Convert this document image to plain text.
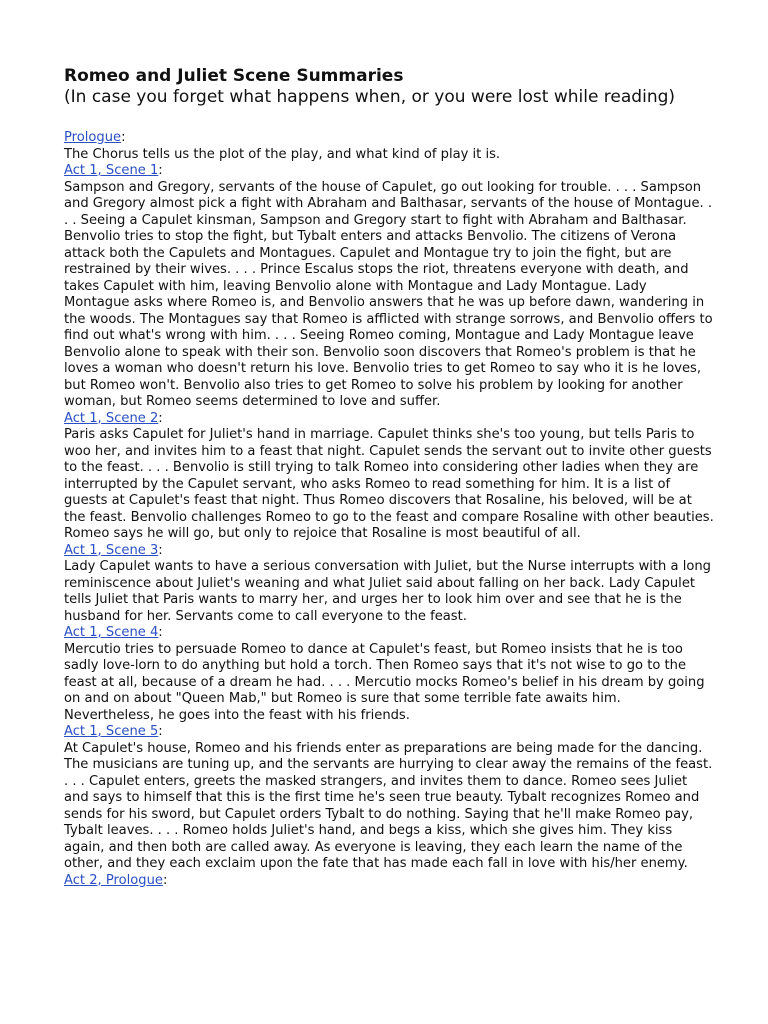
Romeo and Juliet Scene Summaries
(In case you forget what happens when, or you were lost while reading)
Prologue:
The Chorus tells us the plot of the play, and what kind of play it is.
Act 1, Scene 1:
Sampson and Gregory, servants of the house of Capulet, go out looking for trouble. . . . Sampson and Gregory almost pick a fight with Abraham and Balthasar, servants of the house of Montague. . . . Seeing a Capulet kinsman, Sampson and Gregory start to fight with Abraham and Balthasar. Benvolio tries to stop the fight, but Tybalt enters and attacks Benvolio. The citizens of Verona attack both the Capulets and Montagues. Capulet and Montague try to join the fight, but are restrained by their wives. . . . Prince Escalus stops the riot, threatens everyone with death, and takes Capulet with him, leaving Benvolio alone with Montague and Lady Montague. Lady Montague asks where Romeo is, and Benvolio answers that he was up before dawn, wandering in the woods. The Montagues say that Romeo is afflicted with strange sorrows, and Benvolio offers to find out what's wrong with him. . . . Seeing Romeo coming, Montague and Lady Montague leave Benvolio alone to speak with their son. Benvolio soon discovers that Romeo's problem is that he loves a woman who doesn't return his love. Benvolio tries to get Romeo to say who it is he loves, but Romeo won't. Benvolio also tries to get Romeo to solve his problem by looking for another woman, but Romeo seems determined to love and suffer.
Act 1, Scene 2:
Paris asks Capulet for Juliet's hand in marriage. Capulet thinks she's too young, but tells Paris to woo her, and invites him to a feast that night. Capulet sends the servant out to invite other guests to the feast. . . . Benvolio is still trying to talk Romeo into considering other ladies when they are interrupted by the Capulet servant, who asks Romeo to read something for him. It is a list of guests at Capulet's feast that night. Thus Romeo discovers that Rosaline, his beloved, will be at the feast. Benvolio challenges Romeo to go to the feast and compare Rosaline with other beauties. Romeo says he will go, but only to rejoice that Rosaline is most beautiful of all.
Act 1, Scene 3:
Lady Capulet wants to have a serious conversation with Juliet, but the Nurse interrupts with a long reminiscence about Juliet's weaning and what Juliet said about falling on her back. Lady Capulet tells Juliet that Paris wants to marry her, and urges her to look him over and see that he is the husband for her. Servants come to call everyone to the feast.
Act 1, Scene 4:
Mercutio tries to persuade Romeo to dance at Capulet's feast, but Romeo insists that he is too sadly love-lorn to do anything but hold a torch. Then Romeo says that it's not wise to go to the feast at all, because of a dream he had. . . . Mercutio mocks Romeo's belief in his dream by going on and on about "Queen Mab," but Romeo is sure that some terrible fate awaits him. Nevertheless, he goes into the feast with his friends.
Act 1, Scene 5:
At Capulet's house, Romeo and his friends enter as preparations are being made for the dancing. The musicians are tuning up, and the servants are hurrying to clear away the remains of the feast. . . . Capulet enters, greets the masked strangers, and invites them to dance. Romeo sees Juliet and says to himself that this is the first time he's seen true beauty. Tybalt recognizes Romeo and sends for his sword, but Capulet orders Tybalt to do nothing. Saying that he'll make Romeo pay, Tybalt leaves. . . . Romeo holds Juliet's hand, and begs a kiss, which she gives him. They kiss again, and then both are called away. As everyone is leaving, they each learn the name of the other, and they each exclaim upon the fate that has made each fall in love with his/her enemy.
Act 2, Prologue:
